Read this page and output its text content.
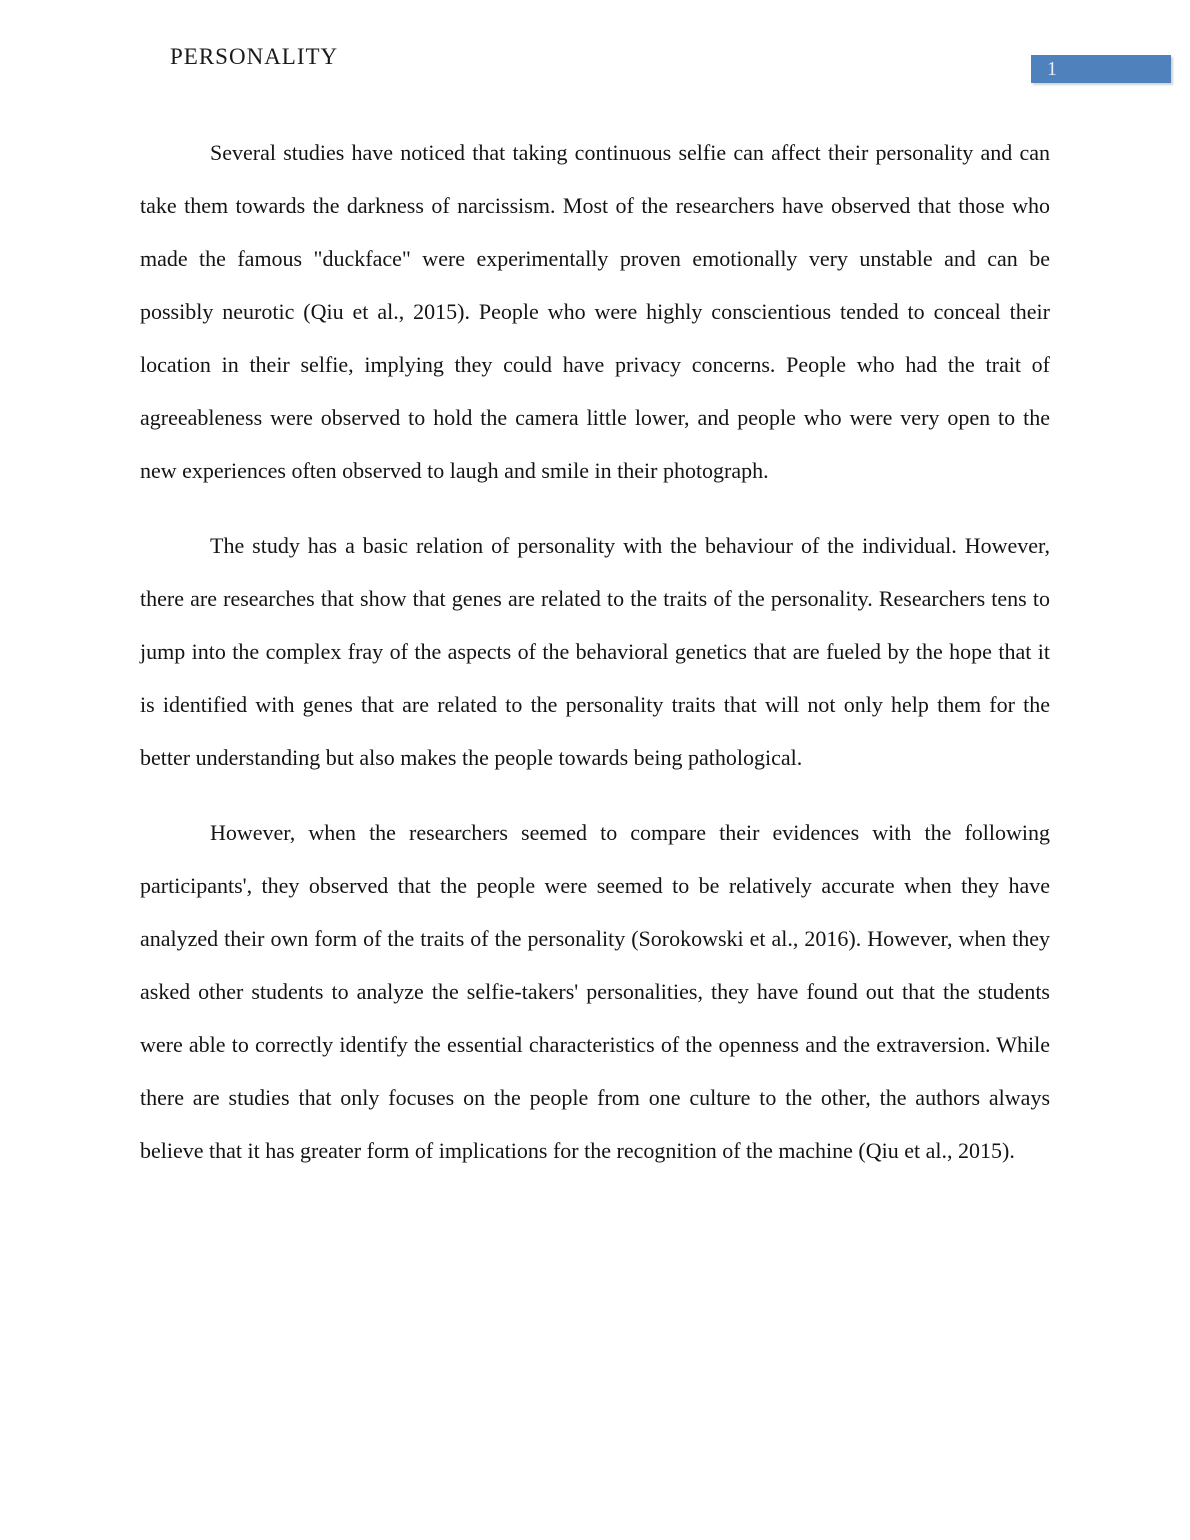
PERSONALITY	1

Several studies have noticed that taking continuous selfie can affect their personality and can take them towards the darkness of narcissism. Most of the researchers have observed that those who made the famous "duckface" were experimentally proven emotionally very unstable and can be possibly neurotic (Qiu et al., 2015). People who were highly conscientious tended to conceal their location in their selfie, implying they could have privacy concerns. People who had the trait of agreeableness were observed to hold the camera little lower, and people who were very open to the new experiences often observed to laugh and smile in their photograph.

The study has a basic relation of personality with the behaviour of the individual. However, there are researches that show that genes are related to the traits of the personality. Researchers tens to jump into the complex fray of the aspects of the behavioral genetics that are fueled by the hope that it is identified with genes that are related to the personality traits that will not only help them for the better understanding but also makes the people towards being pathological.

However, when the researchers seemed to compare their evidences with the following participants', they observed that the people were seemed to be relatively accurate when they have analyzed their own form of the traits of the personality (Sorokowski et al., 2016). However, when they asked other students to analyze the selfie-takers' personalities, they have found out that the students were able to correctly identify the essential characteristics of the openness and the extraversion. While there are studies that only focuses on the people from one culture to the other, the authors always believe that it has greater form of implications for the recognition of the machine (Qiu et al., 2015).
